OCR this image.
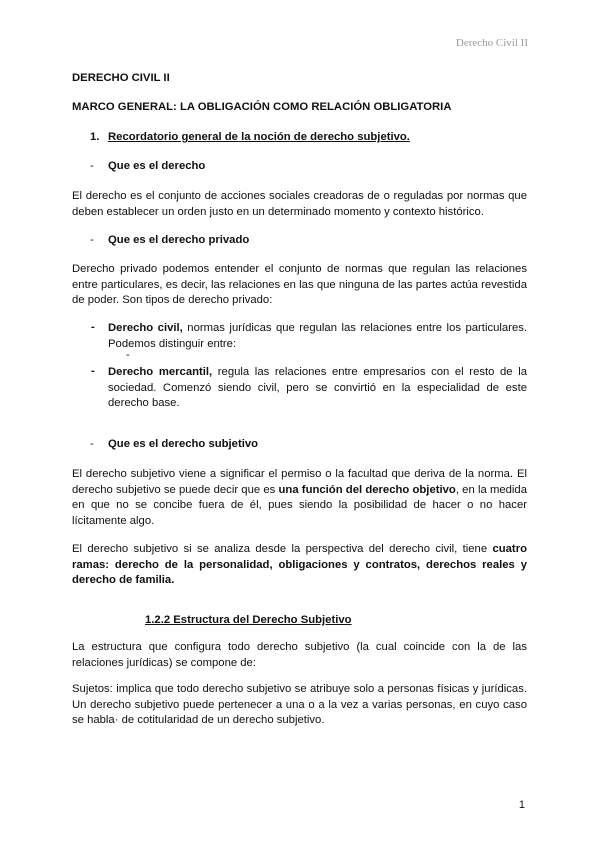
Derecho Civil II
DERECHO CIVIL II
MARCO GENERAL: LA OBLIGACIÓN COMO RELACIÓN OBLIGATORIA
1. Recordatorio general de la noción de derecho subjetivo.
- Que es el derecho
El derecho es el conjunto de acciones sociales creadoras de o reguladas por normas que deben establecer un orden justo en un determinado momento y contexto histórico.
- Que es el derecho privado
Derecho privado podemos entender el conjunto de normas que regulan las relaciones entre particulares, es decir, las relaciones en las que ninguna de las partes actúa revestida de poder. Son tipos de derecho privado:
- Derecho civil, normas jurídicas que regulan las relaciones entre los particulares. Podemos distinguir entre:
-
- Derecho mercantil, regula las relaciones entre empresarios con el resto de la sociedad. Comenzó siendo civil, pero se convirtió en la especialidad de este derecho base.
- Que es el derecho subjetivo
El derecho subjetivo viene a significar el permiso o la facultad que deriva de la norma. El derecho subjetivo se puede decir que es una función del derecho objetivo, en la medida en que no se concibe fuera de él, pues siendo la posibilidad de hacer o no hacer lícitamente algo.
El derecho subjetivo si se analiza desde la perspectiva del derecho civil, tiene cuatro ramas: derecho de la personalidad, obligaciones y contratos, derechos reales y derecho de familia.
1.2.2 Estructura del Derecho Subjetivo
La estructura que configura todo derecho subjetivo (la cual coincide con la de las relaciones jurídicas) se compone de:
Sujetos: implica que todo derecho subjetivo se atribuye solo a personas físicas y jurídicas. Un derecho subjetivo puede pertenecer a una o a la vez a varias personas, en cuyo caso se habla· de cotitularidad de un derecho subjetivo.
1
